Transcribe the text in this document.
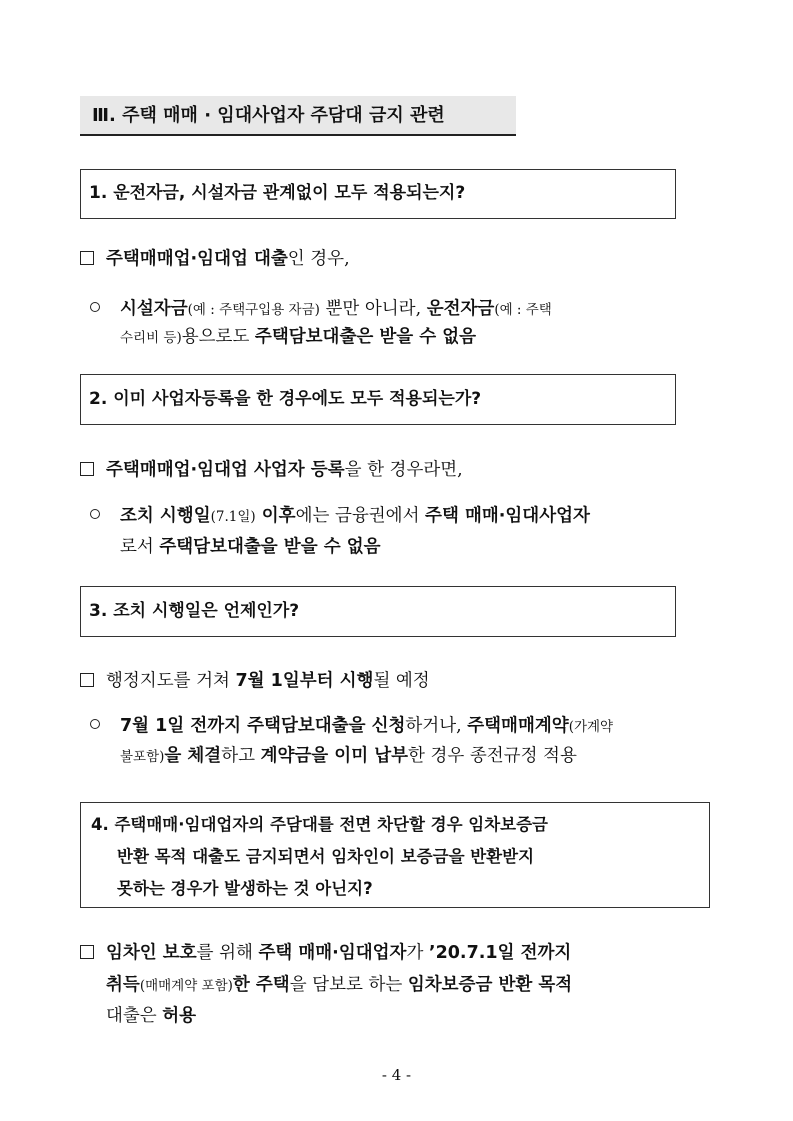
Ⅲ. 주택 매매 · 임대사업자 주담대 금지 관련
1. 운전자금, 시설자금 관계없이 모두 적용되는지?
주택매매업·임대업 대출인 경우,
시설자금(예 : 주택구입용 자금) 뿐만 아니라, 운전자금(예 : 주택
수리비 등)용으로도 주택담보대출은 받을 수 없음
2. 이미 사업자등록을 한 경우에도 모두 적용되는가?
주택매매업·임대업 사업자 등록을 한 경우라면,
조치 시행일(7.1일) 이후에는 금융권에서 주택 매매·임대사업자
로서 주택담보대출을 받을 수 없음
3. 조치 시행일은 언제인가?
행정지도를 거쳐 7월 1일부터 시행될 예정
7월 1일 전까지 주택담보대출을 신청하거나, 주택매매계약(가계약
불포함)을 체결하고 계약금을 이미 납부한 경우 종전규정 적용
4. 주택매매·임대업자의 주담대를 전면 차단할 경우 임차보증금
반환 목적 대출도 금지되면서 임차인이 보증금을 반환받지
못하는 경우가 발생하는 것 아닌지?
임차인 보호를 위해 주택 매매·임대업자가 ’20.7.1일 전까지
취득(매매계약 포함)한 주택을 담보로 하는 임차보증금 반환 목적
대출은 허용
- 4 -
